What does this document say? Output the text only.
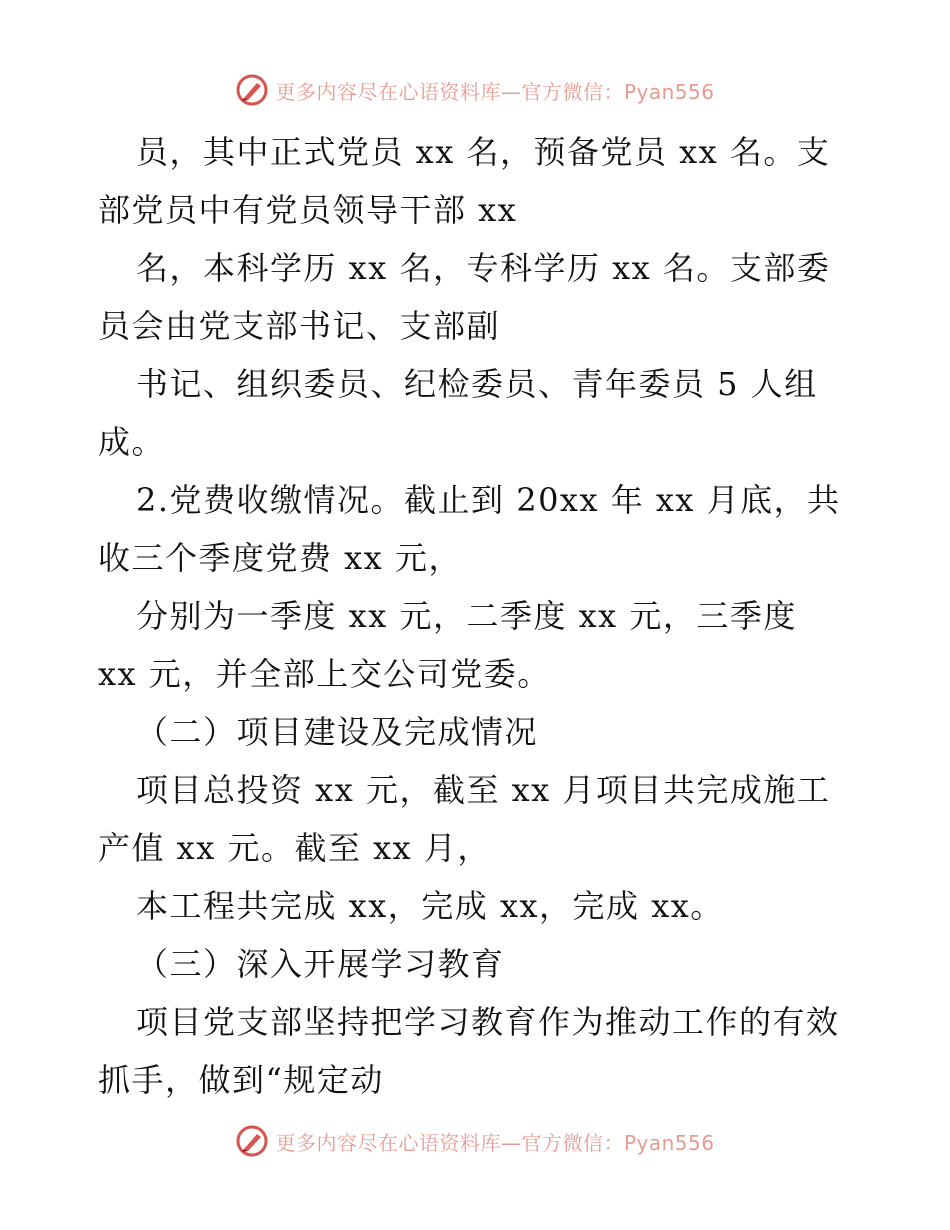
更多内容尽在心语资料库—官方微信：Pyan556
员，其中正式党员 xx 名，预备党员 xx 名。支
部党员中有党员领导干部 xx
名，本科学历 xx 名，专科学历 xx 名。支部委
员会由党支部书记、支部副
书记、组织委员、纪检委员、青年委员 5 人组
成。
2.党费收缴情况。截止到 20xx 年 xx 月底，共
收三个季度党费 xx 元，
分别为一季度 xx 元，二季度 xx 元，三季度
xx 元，并全部上交公司党委。
（二）项目建设及完成情况
项目总投资 xx 元，截至 xx 月项目共完成施工
产值 xx 元。截至 xx 月，
本工程共完成 xx，完成 xx，完成 xx。
（三）深入开展学习教育
项目党支部坚持把学习教育作为推动工作的有效
抓手，做到“规定动
更多内容尽在心语资料库—官方微信：Pyan556
